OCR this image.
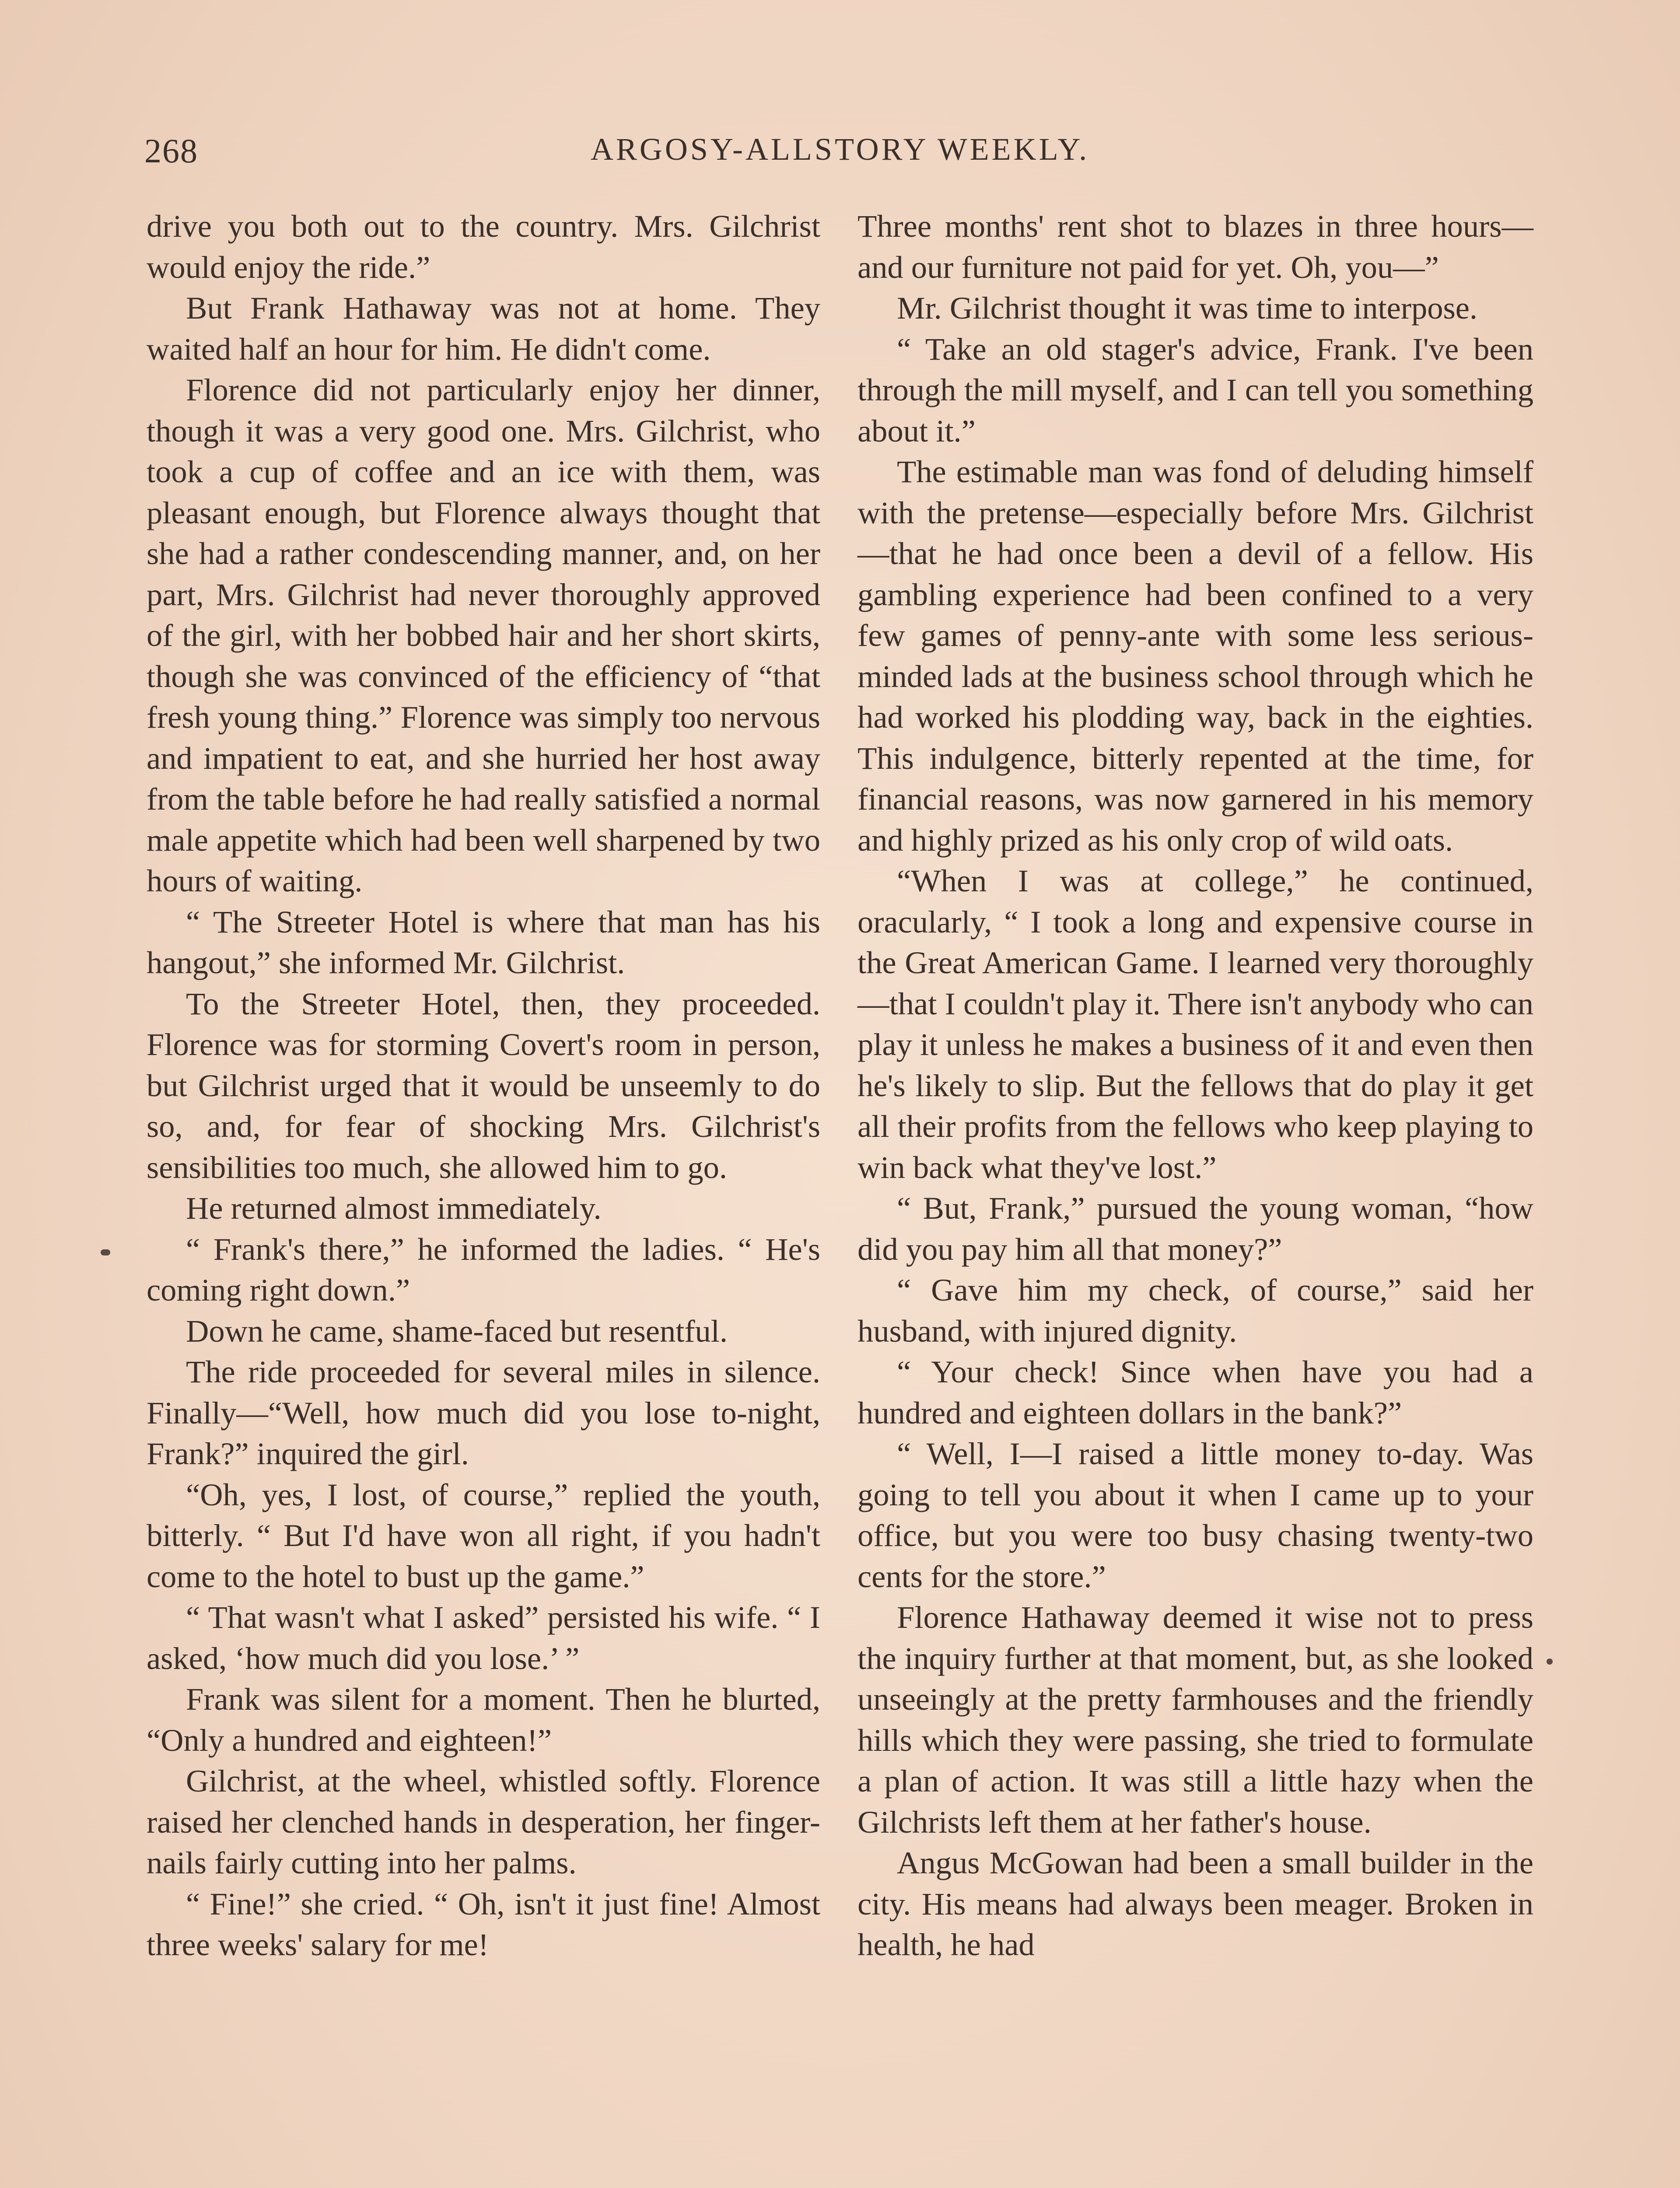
268	ARGOSY-ALLSTORY WEEKLY.

drive you both out to the country. Mrs. Gilchrist would enjoy the ride.”

But Frank Hathaway was not at home. They waited half an hour for him. He didn't come.

Florence did not particularly enjoy her dinner, though it was a very good one. Mrs. Gilchrist, who took a cup of coffee and an ice with them, was pleasant enough, but Florence always thought that she had a rather condescending manner, and, on her part, Mrs. Gilchrist had never thoroughly approved of the girl, with her bobbed hair and her short skirts, though she was convinced of the efficiency of “that fresh young thing.” Florence was simply too nervous and impatient to eat, and she hurried her host away from the table before he had really satisfied a normal male appetite which had been well sharpened by two hours of waiting.

“ The Streeter Hotel is where that man has his hangout,” she informed Mr. Gilchrist.

To the Streeter Hotel, then, they proceeded. Florence was for storming Covert's room in person, but Gilchrist urged that it would be unseemly to do so, and, for fear of shocking Mrs. Gilchrist's sensibilities too much, she allowed him to go.

He returned almost immediately.

“ Frank's there,” he informed the ladies. “ He's coming right down.”

Down he came, shame-faced but resentful.

The ride proceeded for several miles in silence. Finally—“Well, how much did you lose to-night, Frank?” inquired the girl.

“Oh, yes, I lost, of course,” replied the youth, bitterly. “ But I'd have won all right, if you hadn't come to the hotel to bust up the game.”

“ That wasn't what I asked” persisted his wife. “ I asked, ‘how much did you lose.’ ”

Frank was silent for a moment. Then he blurted, “Only a hundred and eighteen!”

Gilchrist, at the wheel, whistled softly. Florence raised her clenched hands in desperation, her finger-nails fairly cutting into her palms.

“ Fine!” she cried. “ Oh, isn't it just fine! Almost three weeks' salary for me!

Three months' rent shot to blazes in three hours—and our furniture not paid for yet. Oh, you—”

Mr. Gilchrist thought it was time to interpose.

“ Take an old stager's advice, Frank. I've been through the mill myself, and I can tell you something about it.”

The estimable man was fond of deluding himself with the pretense—especially before Mrs. Gilchrist—that he had once been a devil of a fellow. His gambling experience had been confined to a very few games of penny-ante with some less serious-minded lads at the business school through which he had worked his plodding way, back in the eighties. This indulgence, bitterly repented at the time, for financial reasons, was now garnered in his memory and highly prized as his only crop of wild oats.

“When I was at college,” he continued, oracularly, “ I took a long and expensive course in the Great American Game. I learned very thoroughly—that I couldn't play it. There isn't anybody who can play it unless he makes a business of it and even then he's likely to slip. But the fellows that do play it get all their profits from the fellows who keep playing to win back what they've lost.”

“ But, Frank,” pursued the young woman, “how did you pay him all that money?”

“ Gave him my check, of course,” said her husband, with injured dignity.

“ Your check! Since when have you had a hundred and eighteen dollars in the bank?”

“ Well, I—I raised a little money to-day. Was going to tell you about it when I came up to your office, but you were too busy chasing twenty-two cents for the store.”

Florence Hathaway deemed it wise not to press the inquiry further at that moment, but, as she looked unseeingly at the pretty farmhouses and the friendly hills which they were passing, she tried to formulate a plan of action. It was still a little hazy when the Gilchrists left them at her father's house.

Angus McGowan had been a small builder in the city. His means had always been meager. Broken in health, he had
